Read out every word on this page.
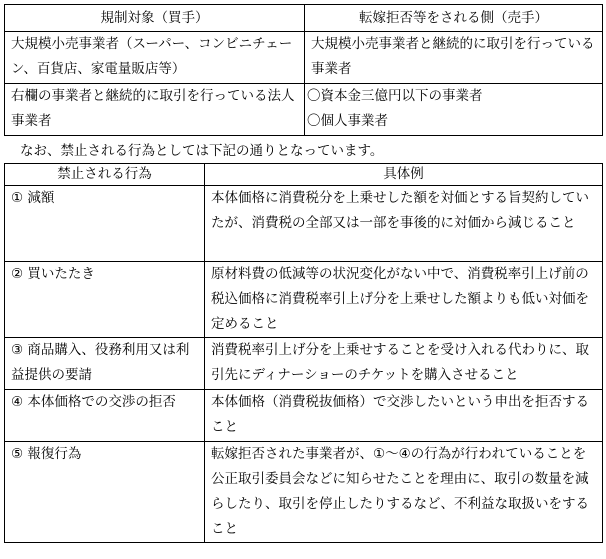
規制対象（買手）	転嫁拒否等をされる側（売手）
大規模小売事業者（スーパー、コンビニチェーン、百貨店、家電量販店等）	大規模小売事業者と継続的に取引を行っている事業者
右欄の事業者と継続的に取引を行っている法人事業者	〇資本金三億円以下の事業者
〇個人事業者
なお、禁止される行為としては下記の通りとなっています。
禁止される行為	具体例
① 減額	本体価格に消費税分を上乗せした額を対価とする旨契約していたが、消費税の全部又は一部を事後的に対価から減じること
② 買いたたき	原材料費の低減等の状況変化がない中で、消費税率引上げ前の税込価格に消費税率引上げ分を上乗せした額よりも低い対価を定めること
③ 商品購入、役務利用又は利益提供の要請	消費税率引上げ分を上乗せすることを受け入れる代わりに、取引先にディナーショーのチケットを購入させること
④ 本体価格での交渉の拒否	本体価格（消費税抜価格）で交渉したいという申出を拒否すること
⑤ 報復行為	転嫁拒否された事業者が、①～④の行為が行われていることを公正取引委員会などに知らせたことを理由に、取引の数量を減らしたり、取引を停止したりするなど、不利益な取扱いをすること
